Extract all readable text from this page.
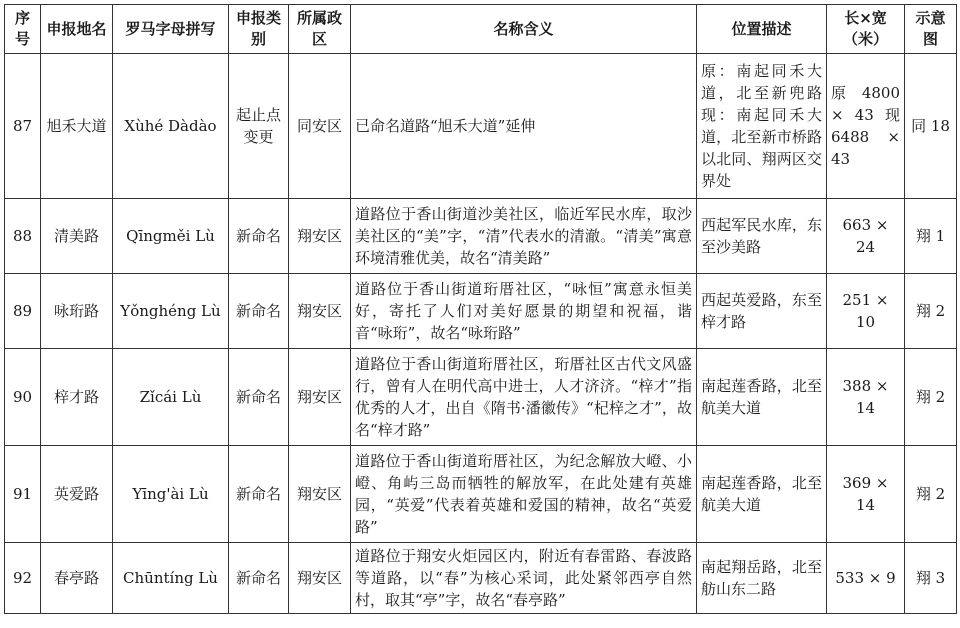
序号	申报地名	罗马字母拼写	申报类别	所属政区	名称含义	位置描述	长×宽（米）	示意图
87	旭禾大道	Xùhé Dàdào	起止点变更	同安区	已命名道路“旭禾大道”延伸	原：南起同禾大道，北至新兜路 现：南起同禾大道，北至新市桥路以北同、翔两区交界处	原 4800 × 43 现 6488 × 43	同 18
88	清美路	Qīngměi Lù	新命名	翔安区	道路位于香山街道沙美社区，临近军民水库，取沙美社区的“美”字，“清”代表水的清澈。“清美”寓意环境清雅优美，故名“清美路”	西起军民水库，东至沙美路	663 × 24	翔 1
89	咏珩路	Yǒnghéng Lù	新命名	翔安区	道路位于香山街道珩厝社区，“咏恒”寓意永恒美好，寄托了人们对美好愿景的期望和祝福，谐音“咏珩”，故名“咏珩路”	西起英爱路，东至梓才路	251 × 10	翔 2
90	梓才路	Zǐcái Lù	新命名	翔安区	道路位于香山街道珩厝社区，珩厝社区古代文风盛行，曾有人在明代高中进士，人才济济。“梓才”指优秀的人才，出自《隋书·潘徽传》“杞梓之才”，故名“梓才路”	南起莲香路，北至航美大道	388 × 14	翔 2
91	英爱路	Yīng'ài Lù	新命名	翔安区	道路位于香山街道珩厝社区，为纪念解放大嶝、小嶝、角屿三岛而牺牲的解放军，在此处建有英雄园，“英爱”代表着英雄和爱国的精神，故名“英爱路”	南起莲香路，北至航美大道	369 × 14	翔 2
92	春亭路	Chūntíng Lù	新命名	翔安区	道路位于翔安火炬园区内，附近有春雷路、春波路等道路，以“春”为核心采词，此处紧邻西亭自然村，取其“亭”字，故名“春亭路”	南起翔岳路，北至舫山东二路	533 × 9	翔 3
